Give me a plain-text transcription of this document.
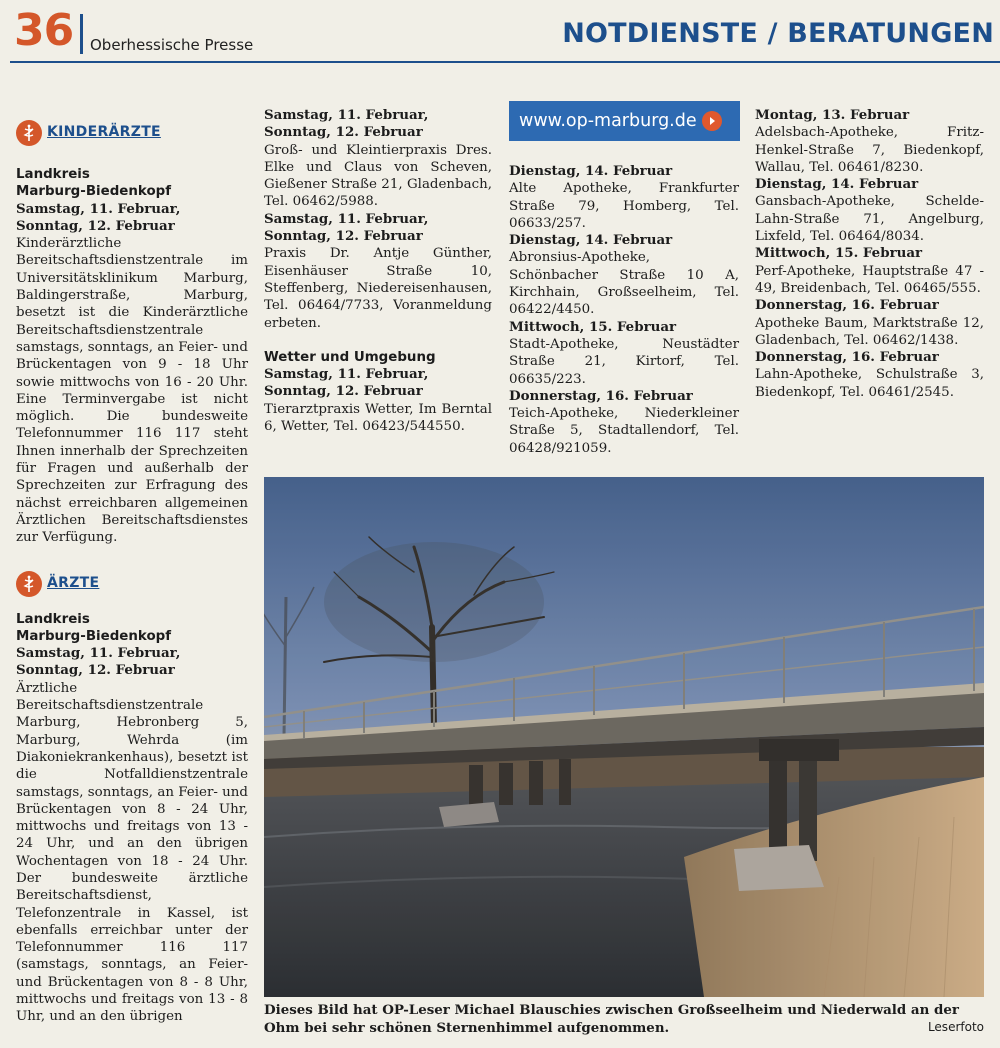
36 Oberhessische Presse	NOTDIENSTE / BERATUNGEN
KINDERÄRZTE

Landkreis

Marburg-Biedenkopf

Samstag, 11. Februar,

Sonntag, 12. Februar

Kinderärztliche Bereitschaftsdienstzentrale im Universitätsklinikum Marburg, Baldingerstraße, Marburg, besetzt ist die Kinderärztliche Bereitschaftsdienstzentrale samstags, sonntags, an Feier- und Brückentagen von 9 - 18 Uhr sowie mittwochs von 16 - 20 Uhr. Eine Terminvergabe ist nicht möglich. Die bundesweite Telefonnummer 116 117 steht Ihnen innerhalb der Sprechzeiten für Fragen und außerhalb der Sprechzeiten zur Erfragung des nächst erreichbaren allgemeinen Ärztlichen Bereitschaftsdienstes zur Verfügung.

ÄRZTE

Landkreis

Marburg-Biedenkopf

Samstag, 11. Februar,

Sonntag, 12. Februar

Ärztliche Bereitschaftsdienstzentrale Marburg, Hebronberg 5, Marburg, Wehrda (im Diakoniekrankenhaus), besetzt ist die Notfalldienstzentrale samstags, sonntags, an Feier- und Brückentagen von 8 - 24 Uhr, mittwochs und freitags von 13 - 24 Uhr, und an den übrigen Wochentagen von 18 - 24 Uhr. Der bundesweite ärztliche Bereitschaftsdienst, Telefonzentrale in Kassel, ist ebenfalls erreichbar unter der Telefonnummer 116 117 (samstags, sonntags, an Feier- und Brückentagen von 8 - 8 Uhr, mittwochs und freitags von 13 - 8 Uhr, und an den übrigen

Samstag, 11. Februar,

Sonntag, 12. Februar

Groß- und Kleintierpraxis Dres. Elke und Claus von Scheven, Gießener Straße 21, Gladenbach, Tel. 06462/5988.

Samstag, 11. Februar,

Sonntag, 12. Februar

Praxis Dr. Antje Günther, Eisenhäuser Straße 10, Steffenberg, Niedereisenhausen, Tel. 06464/7733, Voranmeldung erbeten.

Wetter und Umgebung

Samstag, 11. Februar,

Sonntag, 12. Februar

Tierarztpraxis Wetter, Im Berntal 6, Wetter, Tel. 06423/544550.

www.op-marburg.de

Dienstag, 14. Februar

Alte Apotheke, Frankfurter Straße 79, Homberg, Tel. 06633/257.

Dienstag, 14. Februar

Abronsius-Apotheke, Schönbacher Straße 10 A, Kirchhain, Großseelheim, Tel. 06422/4450.

Mittwoch, 15. Februar

Stadt-Apotheke, Neustädter Straße 21, Kirtorf, Tel. 06635/223.

Donnerstag, 16. Februar

Teich-Apotheke, Niederkleiner Straße 5, Stadtallendorf, Tel. 06428/921059.

Montag, 13. Februar

Adelsbach-Apotheke, Fritz-Henkel-Straße 7, Biedenkopf, Wallau, Tel. 06461/8230.

Dienstag, 14. Februar

Gansbach-Apotheke, Schelde-Lahn-Straße 71, Angelburg, Lixfeld, Tel. 06464/8034.

Mittwoch, 15. Februar

Perf-Apotheke, Hauptstraße 47 - 49, Breidenbach, Tel. 06465/555.

Donnerstag, 16. Februar

Apotheke Baum, Marktstraße 12, Gladenbach, Tel. 06462/1438.

Donnerstag, 16. Februar

Lahn-Apotheke, Schulstraße 3, Biedenkopf, Tel. 06461/2545.

Dieses Bild hat OP-Leser Michael Blauschies zwischen Großseelheim und Niederwald an der Ohm bei sehr schönen Sternenhimmel aufgenommen.	Leserfoto
